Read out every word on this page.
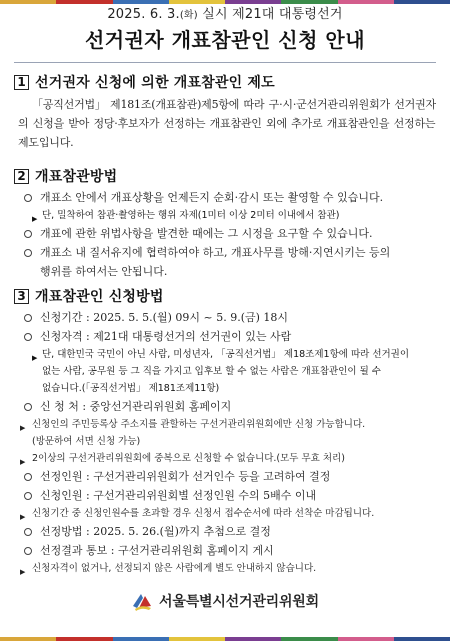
2025. 6. 3.(화) 실시 제21대 대통령선거
선거권자 개표참관인 신청 안내
1 선거권자 신청에 의한 개표참관인 제도
「공직선거법」 제181조(개표참관)제5항에 따라 구·시·군선거관리위원회가 선거권자의 신청을 받아 정당·후보자가 선정하는 개표참관인 외에 추가로 개표참관인을 선정하는 제도입니다.
2 개표참관방법
개표소 안에서 개표상황을 언제든지 순회·감시 또는 촬영할 수 있습니다.
▶ 단, 밀착하여 참관·촬영하는 행위 자제(1미터 이상 2미터 이내에서 참관)
개표에 관한 위법사항을 발견한 때에는 그 시정을 요구할 수 있습니다.
개표소 내 질서유지에 협력하여야 하고, 개표사무를 방해·지연시키는 등의
행위를 하여서는 안됩니다.
3 개표참관인 신청방법
신청기간 : 2025. 5. 5.(월) 09시 ~ 5. 9.(금) 18시
신청자격 : 제21대 대통령선거의 선거권이 있는 사람
▶ 단, 대한민국 국민이 아닌 사람, 미성년자, 「공직선거법」 제18조제1항에 따라 선거권이
없는 사람, 공무원 등 그 직을 가지고 입후보 할 수 없는 사람은 개표참관인이 될 수
없습니다.(「공직선거법」 제181조제11항)
신 청 처 : 중앙선거관리위원회 홈페이지
▶ 신청인의 주민등록상 주소지를 관할하는 구선거관리위원회에만 신청 가능합니다.
(방문하여 서면 신청 가능)
▶ 2이상의 구선거관리위원회에 중복으로 신청할 수 없습니다.(모두 무효 처리)
선정인원 : 구선거관리위원회가 선거인수 등을 고려하여 결정
신청인원 : 구선거관리위원회별 선정인원 수의 5배수 이내
▶ 신청기간 중 신청인원수를 초과할 경우 신청서 접수순서에 따라 선착순 마감됩니다.
선정방법 : 2025. 5. 26.(월)까지 추첨으로 결정
선정결과 통보 : 구선거관리위원회 홈페이지 게시
▶ 신청자격이 없거나, 선정되지 않은 사람에게 별도 안내하지 않습니다.
서울특별시선거관리위원회
